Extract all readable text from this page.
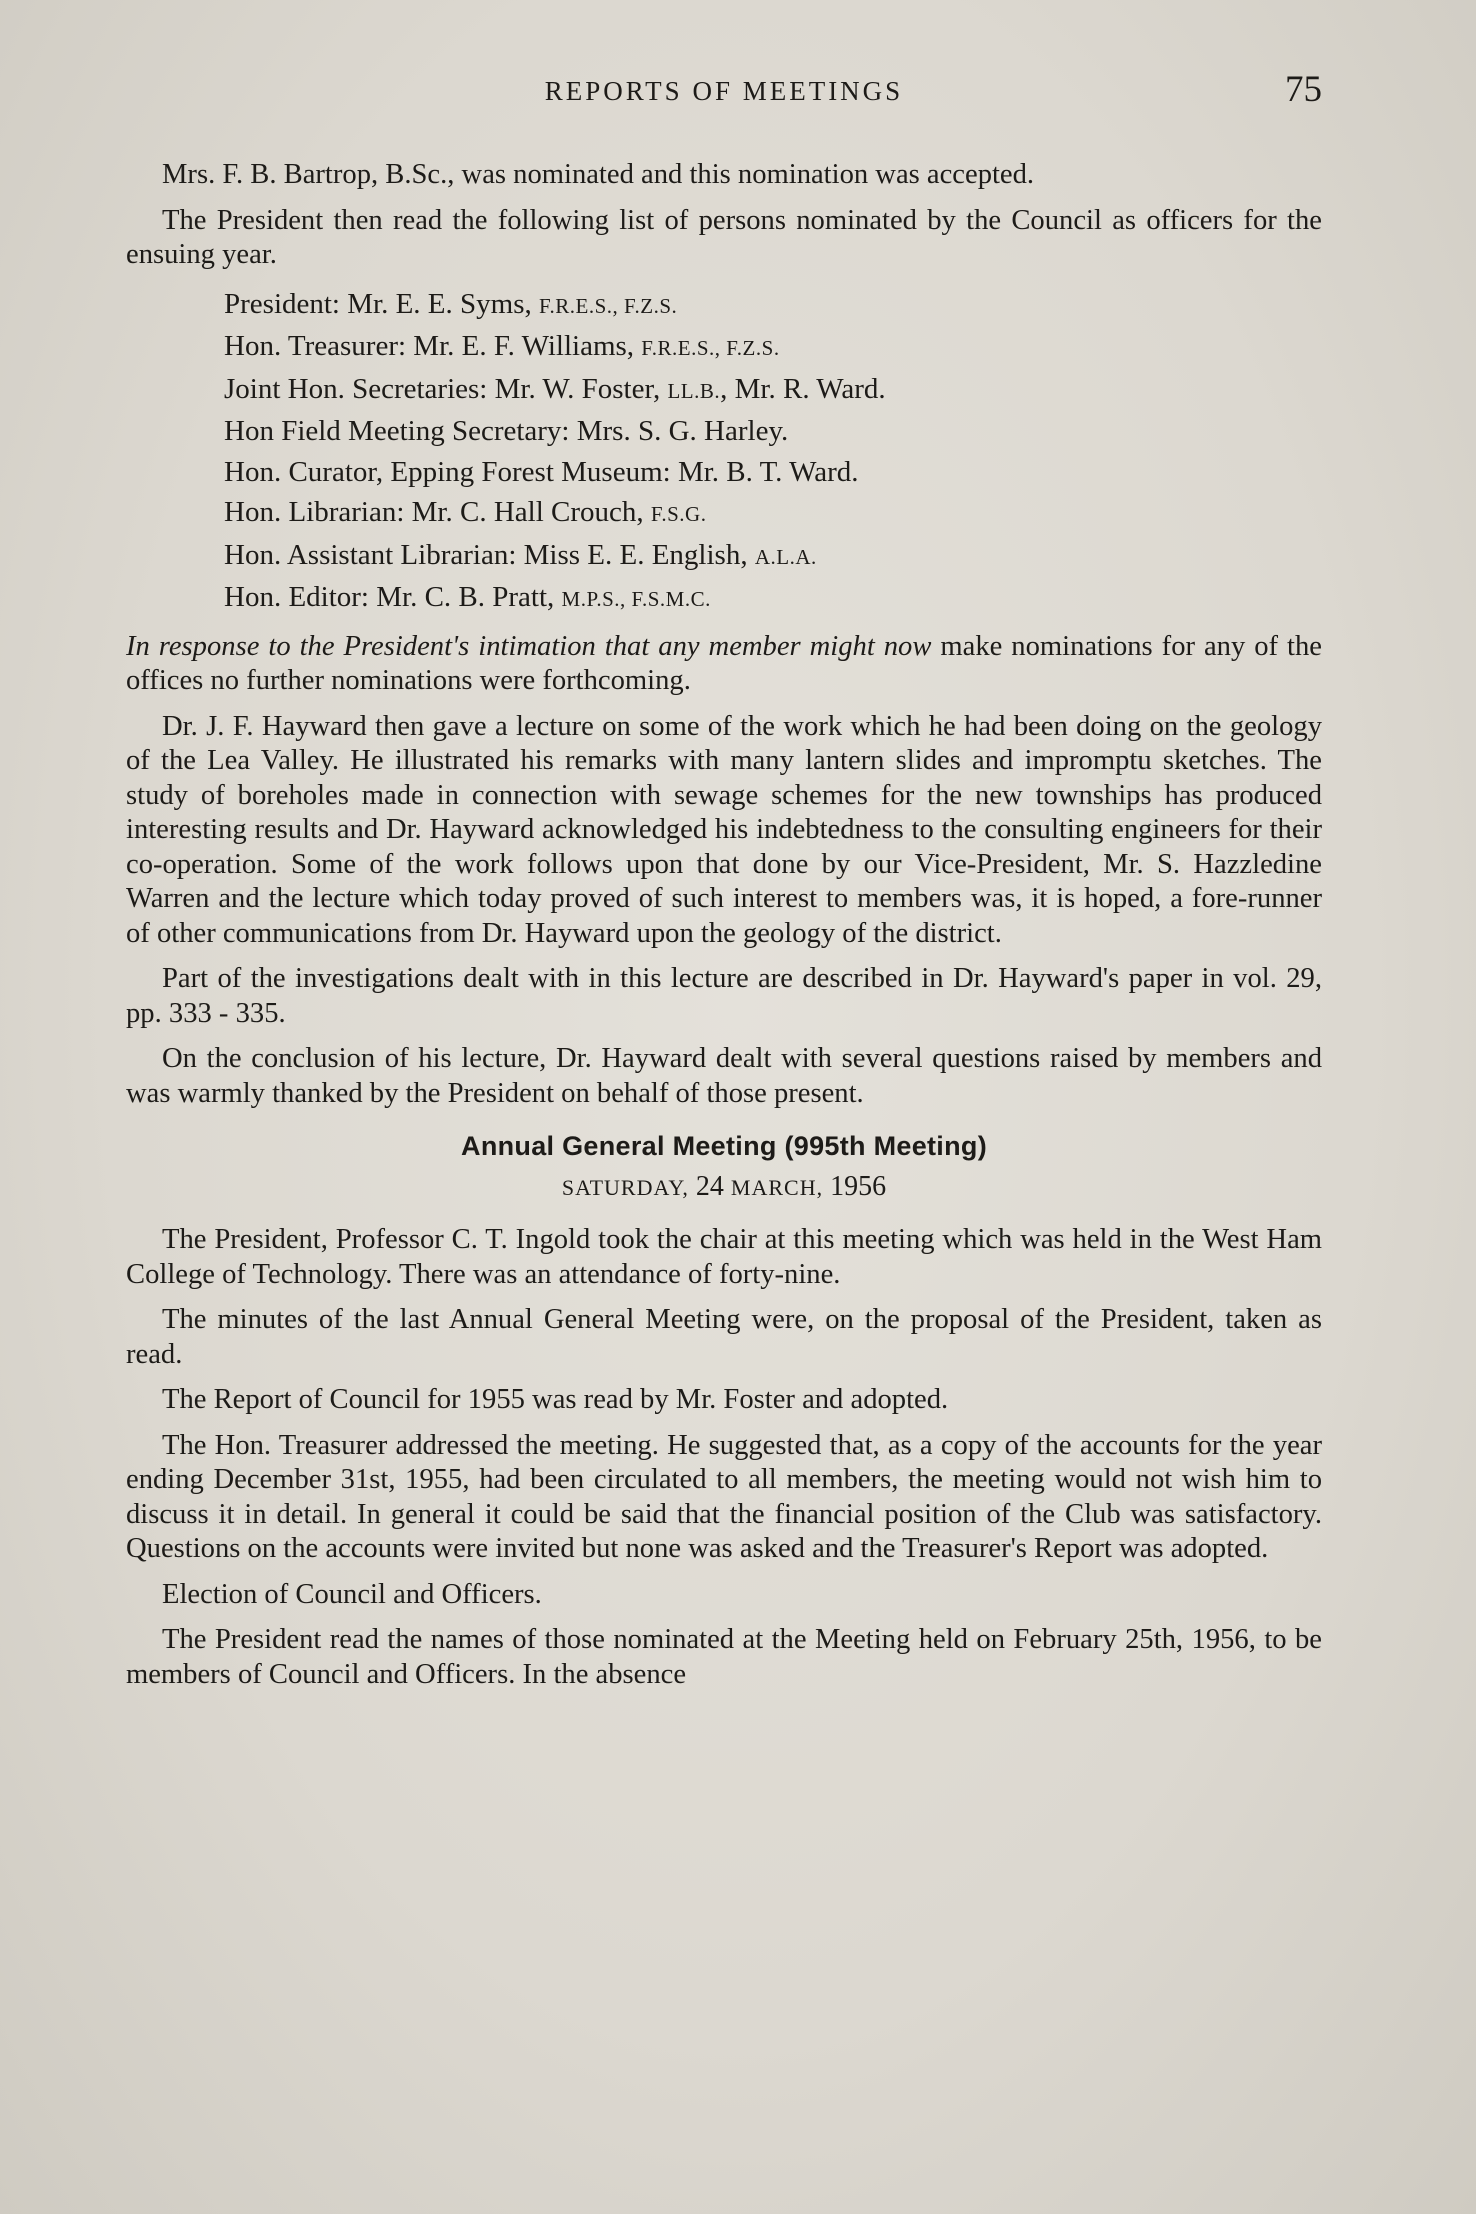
REPORTS OF MEETINGS	75

Mrs. F. B. Bartrop, B.Sc., was nominated and this nomination was accepted.

The President then read the following list of persons nominated by the Council as officers for the ensuing year.

President: Mr. E. E. Syms, F.R.E.S., F.Z.S.
Hon. Treasurer: Mr. E. F. Williams, F.R.E.S., F.Z.S.
Joint Hon. Secretaries: Mr. W. Foster, LL.B., Mr. R. Ward.
Hon Field Meeting Secretary: Mrs. S. G. Harley.
Hon. Curator, Epping Forest Museum: Mr. B. T. Ward.
Hon. Librarian: Mr. C. Hall Crouch, F.S.G.
Hon. Assistant Librarian: Miss E. E. English, A.L.A.
Hon. Editor: Mr. C. B. Pratt, M.P.S., F.S.M.C.

In response to the President's intimation that any member might now make nominations for any of the offices no further nominations were forthcoming.

Dr. J. F. Hayward then gave a lecture on some of the work which he had been doing on the geology of the Lea Valley. He illustrated his remarks with many lantern slides and impromptu sketches. The study of boreholes made in connection with sewage schemes for the new townships has produced interesting results and Dr. Hayward acknowledged his indebtedness to the consulting engineers for their co-operation. Some of the work follows upon that done by our Vice-President, Mr. S. Hazzledine Warren and the lecture which today proved of such interest to members was, it is hoped, a fore-runner of other communications from Dr. Hayward upon the geology of the district.

Part of the investigations dealt with in this lecture are described in Dr. Hayward's paper in vol. 29, pp. 333 - 335.

On the conclusion of his lecture, Dr. Hayward dealt with several questions raised by members and was warmly thanked by the President on behalf of those present.

Annual General Meeting (995th Meeting)
SATURDAY, 24 MARCH, 1956

The President, Professor C. T. Ingold took the chair at this meeting which was held in the West Ham College of Technology. There was an attendance of forty-nine.

The minutes of the last Annual General Meeting were, on the proposal of the President, taken as read.

The Report of Council for 1955 was read by Mr. Foster and adopted.

The Hon. Treasurer addressed the meeting. He suggested that, as a copy of the accounts for the year ending December 31st, 1955, had been circulated to all members, the meeting would not wish him to discuss it in detail. In general it could be said that the financial position of the Club was satisfactory. Questions on the accounts were invited but none was asked and the Treasurer's Report was adopted.

Election of Council and Officers.

The President read the names of those nominated at the Meeting held on February 25th, 1956, to be members of Council and Officers. In the absence
